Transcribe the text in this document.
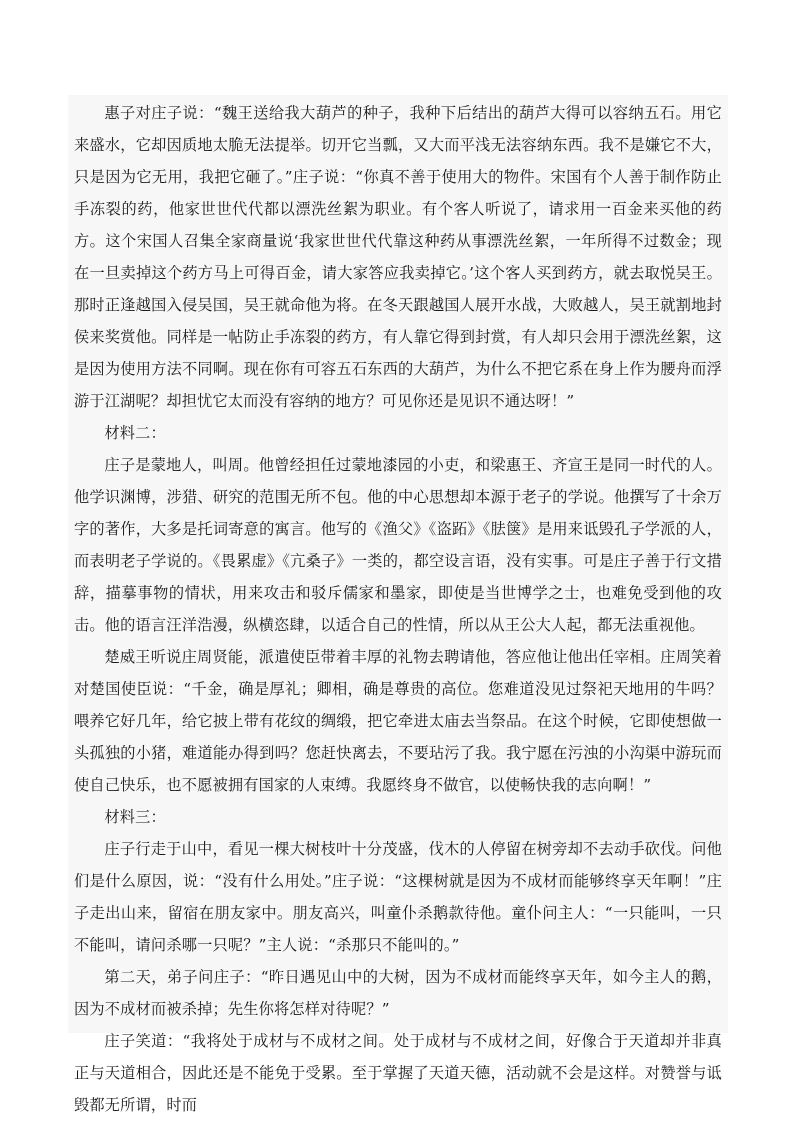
惠子对庄子说：“魏王送给我大葫芦的种子，我种下后结出的葫芦大得可以容纳五石。用它来盛水，它却因质地太脆无法提举。切开它当瓢，又大而平浅无法容纳东西。我不是嫌它不大，只是因为它无用，我把它砸了。”庄子说：“你真不善于使用大的物件。宋国有个人善于制作防止手冻裂的药，他家世世代代都以漂洗丝絮为职业。有个客人听说了，请求用一百金来买他的药方。这个宋国人召集全家商量说‘我家世世代代靠这种药从事漂洗丝絮，一年所得不过数金；现在一旦卖掉这个药方马上可得百金，请大家答应我卖掉它。’这个客人买到药方，就去取悦吴王。那时正逢越国入侵吴国，吴王就命他为将。在冬天跟越国人展开水战，大败越人，吴王就割地封侯来奖赏他。同样是一帖防止手冻裂的药方，有人靠它得到封赏，有人却只会用于漂洗丝絮，这是因为使用方法不同啊。现在你有可容五石东西的大葫芦，为什么不把它系在身上作为腰舟而浮游于江湖呢？却担忧它太而没有容纳的地方？可见你还是见识不通达呀！”

材料二：

庄子是蒙地人，叫周。他曾经担任过蒙地漆园的小吏，和梁惠王、齐宣王是同一时代的人。他学识渊博，涉猎、研究的范围无所不包。他的中心思想却本源于老子的学说。他撰写了十余万字的著作，大多是托词寄意的寓言。他写的《渔父》《盗跖》《胠箧》是用来诋毁孔子学派的人，而表明老子学说的。《畏累虚》《亢桑子》一类的，都空设言语，没有实事。可是庄子善于行文措辞，描摹事物的情状，用来攻击和驳斥儒家和墨家，即使是当世博学之士，也难免受到他的攻击。他的语言汪洋浩漫，纵横恣肆，以适合自己的性情，所以从王公大人起，都无法重视他。

楚威王听说庄周贤能，派遣使臣带着丰厚的礼物去聘请他，答应他让他出任宰相。庄周笑着对楚国使臣说：“千金，确是厚礼；卿相，确是尊贵的高位。您难道没见过祭祀天地用的牛吗？喂养它好几年，给它披上带有花纹的绸缎，把它牵进太庙去当祭品。在这个时候，它即使想做一头孤独的小猪，难道能办得到吗？您赶快离去，不要玷污了我。我宁愿在污浊的小沟渠中游玩而使自己快乐，也不愿被拥有国家的人束缚。我愿终身不做官，以使畅快我的志向啊！”

材料三：

庄子行走于山中，看见一棵大树枝叶十分茂盛，伐木的人停留在树旁却不去动手砍伐。问他们是什么原因，说：“没有什么用处。”庄子说：“这棵树就是因为不成材而能够终享天年啊！”庄子走出山来，留宿在朋友家中。朋友高兴，叫童仆杀鹅款待他。童仆问主人：“一只能叫，一只不能叫，请问杀哪一只呢？”主人说：“杀那只不能叫的。”

第二天，弟子问庄子：“昨日遇见山中的大树，因为不成材而能终享天年，如今主人的鹅，因为不成材而被杀掉；先生你将怎样对待呢？”

庄子笑道：“我将处于成材与不成材之间。处于成材与不成材之间，好像合于天道却并非真正与天道相合，因此还是不能免于受累。至于掌握了天道天德，活动就不会是这样。对赞誉与诋毁都无所谓，时而
